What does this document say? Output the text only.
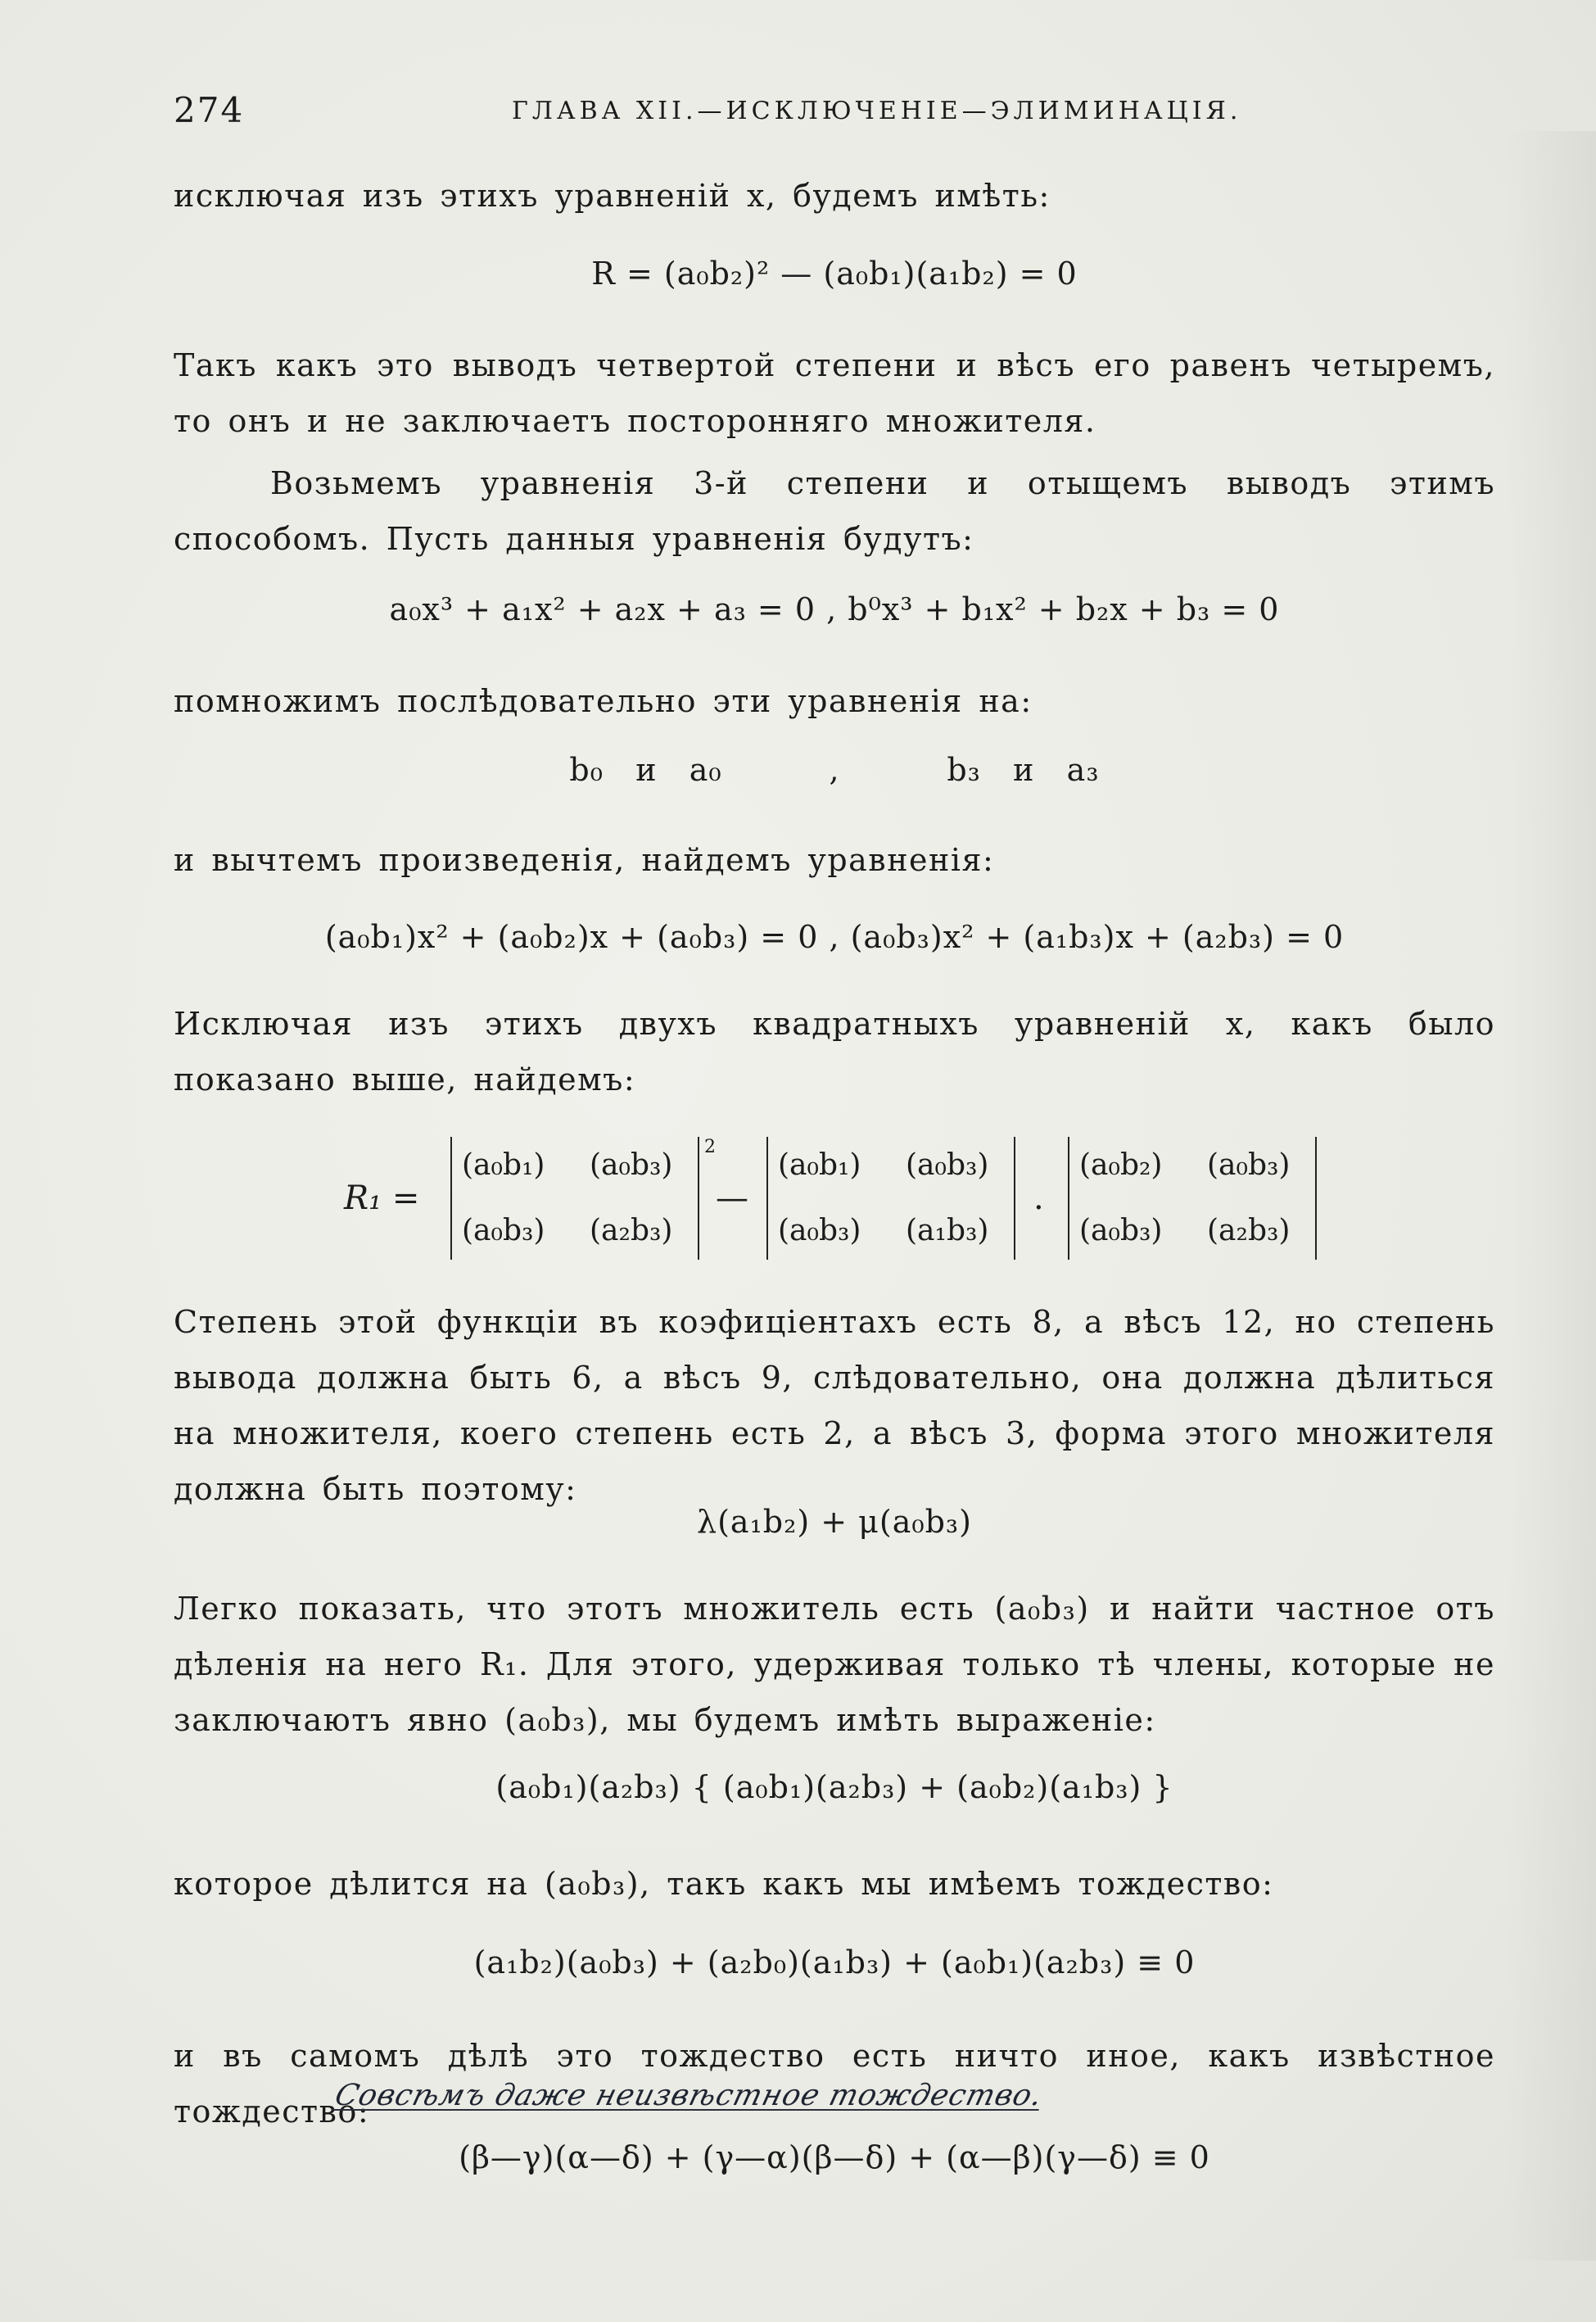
274	ГЛАВА XII.—ИСКЛЮЧЕНІЕ—ЭЛИМИНАЦІЯ.
исключая изъ этихъ уравненій x, будемъ имѣть:
R = (a₀b₂)² — (a₀b₁)(a₁b₂) = 0
Такъ какъ это выводъ четвертой степени и вѣсъ его равенъ четыремъ, то онъ и не заключаетъ посторонняго множителя.
Возьмемъ уравненія 3-й степени и отыщемъ выводъ этимъ способомъ. Пусть данныя уравненія будутъ:
a₀x³ + a₁x² + a₂x + a₃ = 0 , b⁰x³ + b₁x² + b₂x + b₃ = 0
помножимъ послѣдовательно эти уравненія на:
b₀   и   a₀          ,          b₃   и   a₃
и вычтемъ произведенія, найдемъ уравненія:
(a₀b₁)x² + (a₀b₂)x + (a₀b₃) = 0 , (a₀b₃)x² + (a₁b₃)x + (a₂b₃) = 0
Исключая изъ этихъ двухъ квадратныхъ уравненій x, какъ было показано выше, найдемъ:
R₁ =
(a₀b₁) (a₀b₃)
(a₀b₃) (a₂b₃)
2
—
(a₀b₁) (a₀b₃)
(a₀b₃) (a₁b₃)
.
(a₀b₂) (a₀b₃)
(a₀b₃) (a₂b₃)
Степень этой функціи въ коэфиціентахъ есть 8, а вѣсъ 12, но степень вывода должна быть 6, а вѣсъ 9, слѣдовательно, она должна дѣлиться на множителя, коего степень есть 2, а вѣсъ 3, форма этого множителя должна быть поэтому:
λ(a₁b₂) + μ(a₀b₃)
Легко показать, что этотъ множитель есть (a₀b₃) и найти частное отъ дѣленія на него R₁. Для этого, удерживая только тѣ члены, которые не заключаютъ явно (a₀b₃), мы будемъ имѣть выраженіе:
(a₀b₁)(a₂b₃) { (a₀b₁)(a₂b₃) + (a₀b₂)(a₁b₃) }
которое дѣлится на (a₀b₃), такъ какъ мы имѣемъ тождество:
(a₁b₂)(a₀b₃) + (a₂b₀)(a₁b₃) + (a₀b₁)(a₂b₃) ≡ 0
и въ самомъ дѣлѣ это тождество есть ничто иное, какъ извѣстное тождество:
Совсѣмъ даже неизвѣстное тождество.
(β—γ)(α—δ) + (γ—α)(β—δ) + (α—β)(γ—δ) ≡ 0
